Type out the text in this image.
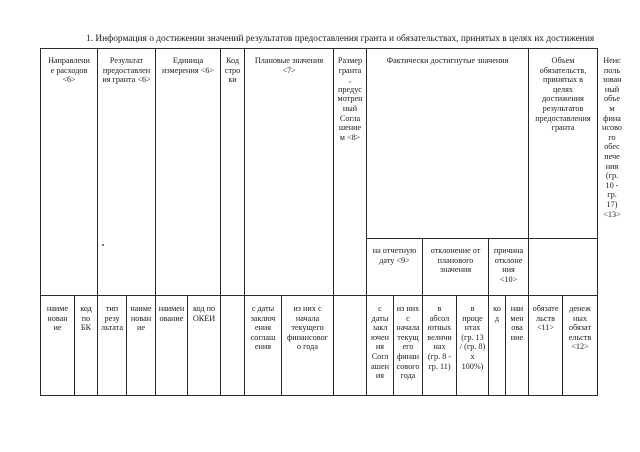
1. Информация о достижении значений результатов предоставления гранта и обязательствах, принятых в целях их достижения
Направлени
е расходов
<6>
Результат
предоставлен
ия гранта <6>
Единица
измерения <6>
Код
стро
ки
Плановые значения
<7>
Размер
гранта
,
предус
мотрен
ный
Согла
шение
м <8>
Фактически достигнутые значения	Объем
обязательств,
принятых в
целях
достижения
результатов
предоставления
гранта
Неис
поль
зован
ный
объе
м
фина
нсово
го
обес
пече
ния
(гр.
10 -
гр.
17)
<13>
на отчетную
дату <9>
отклонение от
планового
значения
причина
отклоне
ния
<10>
наиме
нован
ие
код
по
БК
тип
резу
льтата
наиме
нован
ие
наимен
ование
код по
ОКЕИ
с даты
заключ
ения
соглаш
ения
из них с
начала
текущего
финансовог
о года
с
даты
закл
ючен
ия
Согл
ашен
ия
из них
с
начала
текущ
его
финан
сового
года
в
абсол
ютных
величи
нах
(гр. 8 -
гр. 11)
в
проце
нтах
(гр. 13
/ (гр. 8)
x
100%)
ко
д
наи
мен
ова
ние
обязате
льств
<11>
денеж
ных
обязат
ельств
<12>
